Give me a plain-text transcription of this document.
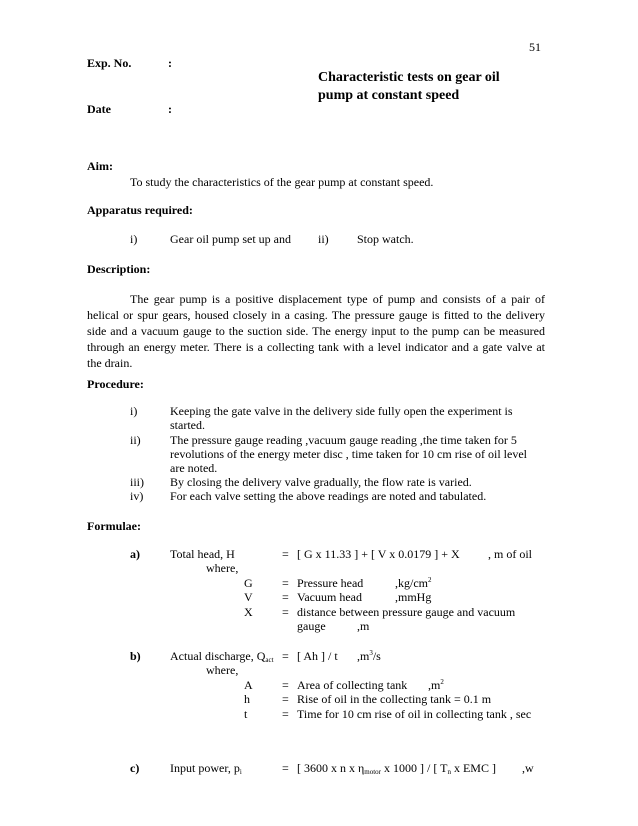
51
Exp. No.	:
Characteristic tests on gear oil
pump at constant speed
Date	:
Aim:
To study the characteristics of the gear pump at constant speed.
Apparatus required:
i)	Gear oil pump set up and ii) Stop watch.
Description:
The gear pump is a positive displacement type of pump and consists of a pair of helical or spur gears, housed closely in a casing. The pressure gauge is fitted to the delivery side and a vacuum gauge to the suction side. The energy input to the pump can be measured through an energy meter. There is a collecting tank with a level indicator and a gate valve at the drain.
Procedure:
i)	Keeping the gate valve in the delivery side fully open the experiment is
started.
ii) The pressure gauge reading ,vacuum gauge reading ,the time taken for 5
revolutions of the energy meter disc , time taken for 10 cm rise of oil level
are noted.
iii) By closing the delivery valve gradually, the flow rate is varied.
iv) For each valve setting the above readings are noted and tabulated.
Formulae:
a)	Total head, H	= [ G x 11.33 ] + [ V x 0.0179 ] + X , m of oil
where,
G = Pressure head	$,kg/cm^2$
V = Vacuum head	,mmHg
X = distance between pressure gauge and vacuum
gauge	,m
b) Actual discharge, $Q_{act}$ = [ Ah ] / t $,m^3/s$
where,
A = Area of collecting tank $,m^2$
h	= Rise of oil in the collecting tank = 0.1 m
t	= Time for 10 cm rise of oil in collecting tank , sec
c)	Input power, $p_i$	= [ 3600 x n x $\eta_{motor}$ x 1000 ] / [ $T_n$ x EMC ] ,w
